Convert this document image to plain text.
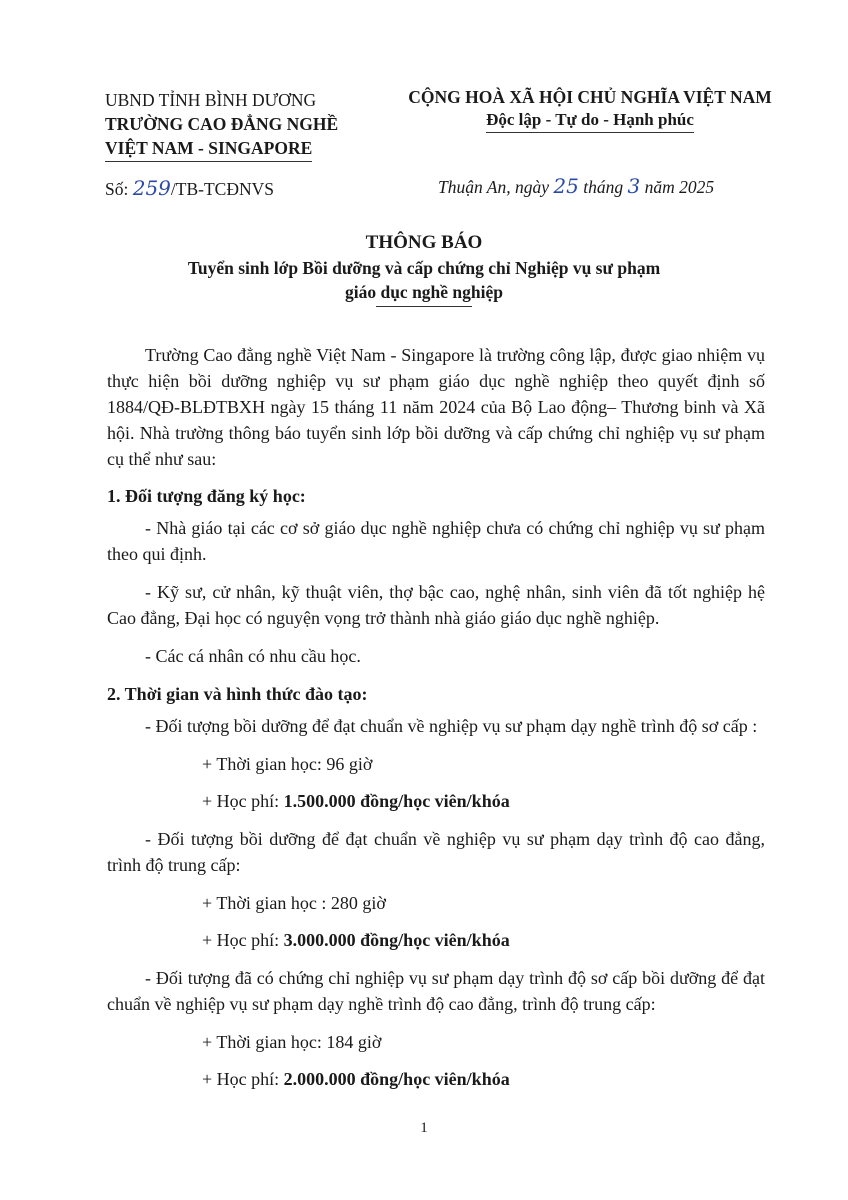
UBND TỈNH BÌNH DƯƠNG
TRƯỜNG CAO ĐẲNG NGHỀ
VIỆT NAM - SINGAPORE
Số: 259/TB-TCĐNVS
CỘNG HOÀ XÃ HỘI CHỦ NGHĨA VIỆT NAM
Độc lập - Tự do - Hạnh phúc
Thuận An, ngày 25 tháng 3 năm 2025
THÔNG BÁO
Tuyển sinh lớp Bồi dưỡng và cấp chứng chỉ Nghiệp vụ sư phạm
giáo dục nghề nghiệp

Trường Cao đẳng nghề Việt Nam - Singapore là trường công lập, được giao nhiệm vụ thực hiện bồi dưỡng nghiệp vụ sư phạm giáo dục nghề nghiệp theo quyết định số 1884/QĐ-BLĐTBXH ngày 15 tháng 11 năm 2024 của Bộ Lao động– Thương binh và Xã hội. Nhà trường thông báo tuyển sinh lớp bồi dưỡng và cấp chứng chỉ nghiệp vụ sư phạm cụ thể như sau:

1. Đối tượng đăng ký học:

- Nhà giáo tại các cơ sở giáo dục nghề nghiệp chưa có chứng chỉ nghiệp vụ sư phạm theo qui định.

- Kỹ sư, cử nhân, kỹ thuật viên, thợ bậc cao, nghệ nhân, sinh viên đã tốt nghiệp hệ Cao đẳng, Đại học có nguyện vọng trở thành nhà giáo giáo dục nghề nghiệp.

- Các cá nhân có nhu cầu học.

2. Thời gian và hình thức đào tạo:

- Đối tượng bồi dưỡng để đạt chuẩn về nghiệp vụ sư phạm dạy nghề trình độ sơ cấp :

+ Thời gian học: 96 giờ

+ Học phí: 1.500.000 đồng/học viên/khóa

- Đối tượng bồi dưỡng để đạt chuẩn về nghiệp vụ sư phạm dạy trình độ cao đẳng, trình độ trung cấp:

+ Thời gian học : 280 giờ

+ Học phí: 3.000.000 đồng/học viên/khóa

- Đối tượng đã có chứng chỉ nghiệp vụ sư phạm dạy trình độ sơ cấp bồi dưỡng để đạt chuẩn về nghiệp vụ sư phạm dạy nghề trình độ cao đẳng, trình độ trung cấp:

+ Thời gian học: 184 giờ

+ Học phí: 2.000.000 đồng/học viên/khóa

1
